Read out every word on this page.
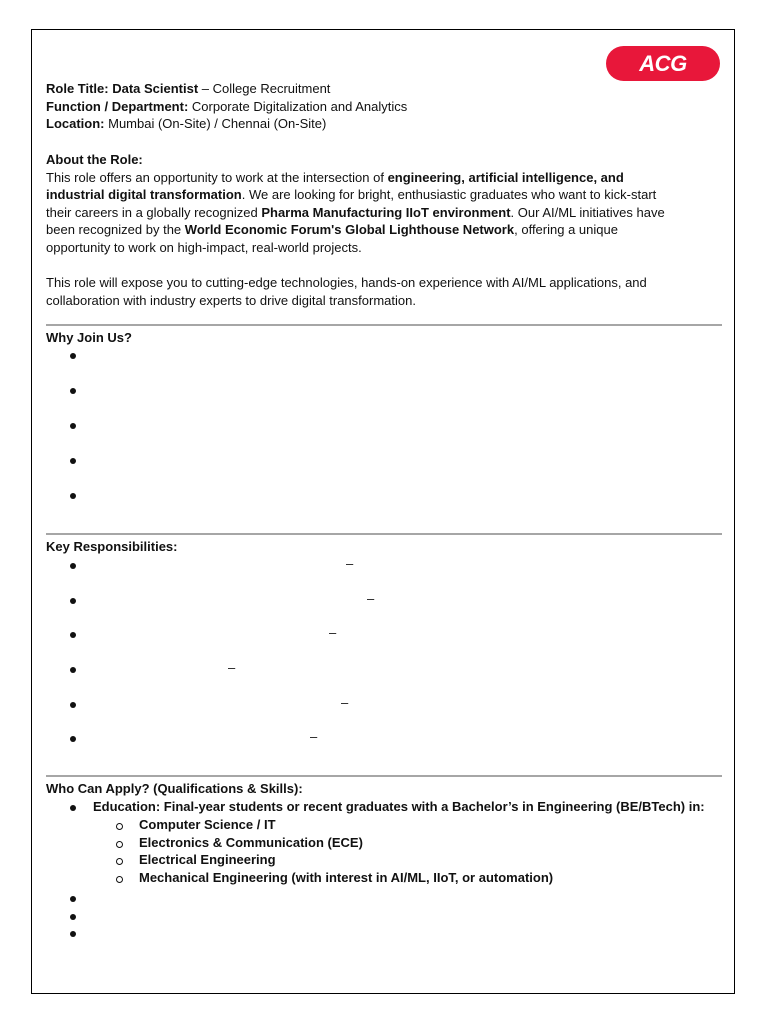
ACG
Role Title: Data Scientist – College Recruitment
Function / Department: Corporate Digitalization and Analytics
Location: Mumbai (On-Site) / Chennai (On-Site)
About the Role:
This role offers an opportunity to work at the intersection of engineering, artificial intelligence, and
industrial digital transformation. We are looking for bright, enthusiastic graduates who want to kick-start
their careers in a globally recognized Pharma Manufacturing IIoT environment. Our AI/ML initiatives have
been recognized by the World Economic Forum's Global Lighthouse Network, offering a unique
opportunity to work on high-impact, real-world projects.

This role will expose you to cutting-edge technologies, hands-on experience with AI/ML applications, and
collaboration with industry experts to drive digital transformation.
Why Join Us?
Key Responsibilities:
–
–
–
–
–
–
Who Can Apply? (Qualifications & Skills):
Education: Final-year students or recent graduates with a Bachelor’s in Engineering (BE/BTech) in:
Computer Science / IT
Electronics & Communication (ECE)
Electrical Engineering
Mechanical Engineering (with interest in AI/ML, IIoT, or automation)
